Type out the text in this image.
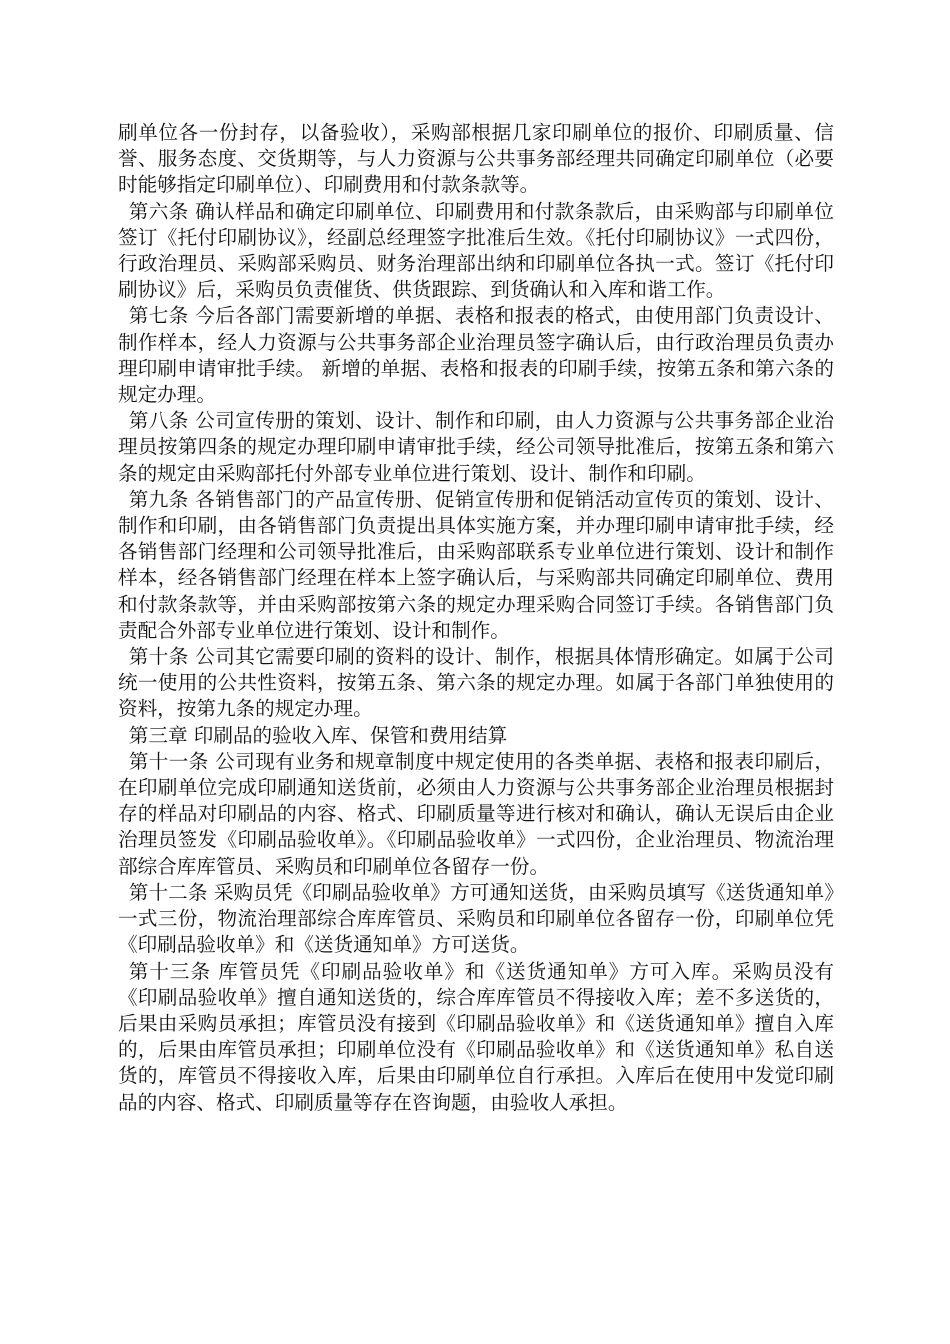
刷单位各一份封存，以备验收），采购部根据几家印刷单位的报价、印刷质量、信誉、服务态度、交货期等，与人力资源与公共事务部经理共同确定印刷单位（必要时能够指定印刷单位）、印刷费用和付款条款等。

第六条 确认样品和确定印刷单位、印刷费用和付款条款后，由采购部与印刷单位签订《托付印刷协议》，经副总经理签字批准后生效。《托付印刷协议》一式四份，行政治理员、采购部采购员、财务治理部出纳和印刷单位各执一式。签订《托付印刷协议》后，采购员负责催货、供货跟踪、到货确认和入库和谐工作。

第七条 今后各部门需要新增的单据、表格和报表的格式，由使用部门负责设计、制作样本，经人力资源与公共事务部企业治理员签字确认后，由行政治理员负责办理印刷申请审批手续。 新增的单据、表格和报表的印刷手续，按第五条和第六条的规定办理。

第八条 公司宣传册的策划、设计、制作和印刷，由人力资源与公共事务部企业治理员按第四条的规定办理印刷申请审批手续，经公司领导批准后，按第五条和第六条的规定由采购部托付外部专业单位进行策划、设计、制作和印刷。

第九条 各销售部门的产品宣传册、促销宣传册和促销活动宣传页的策划、设计、制作和印刷，由各销售部门负责提出具体实施方案，并办理印刷申请审批手续，经各销售部门经理和公司领导批准后，由采购部联系专业单位进行策划、设计和制作样本，经各销售部门经理在样本上签字确认后，与采购部共同确定印刷单位、费用和付款条款等，并由采购部按第六条的规定办理采购合同签订手续。各销售部门负责配合外部专业单位进行策划、设计和制作。

第十条 公司其它需要印刷的资料的设计、制作，根据具体情形确定。如属于公司统一使用的公共性资料，按第五条、第六条的规定办理。如属于各部门单独使用的资料，按第九条的规定办理。

第三章 印刷品的验收入库、保管和费用结算

第十一条 公司现有业务和规章制度中规定使用的各类单据、表格和报表印刷后，在印刷单位完成印刷通知送货前，必须由人力资源与公共事务部企业治理员根据封存的样品对印刷品的内容、格式、印刷质量等进行核对和确认，确认无误后由企业治理员签发《印刷品验收单》。《印刷品验收单》一式四份，企业治理员、物流治理部综合库库管员、采购员和印刷单位各留存一份。

第十二条 采购员凭《印刷品验收单》方可通知送货，由采购员填写《送货通知单》一式三份，物流治理部综合库库管员、采购员和印刷单位各留存一份，印刷单位凭《印刷品验收单》和《送货通知单》方可送货。

第十三条 库管员凭《印刷品验收单》和《送货通知单》方可入库。采购员没有《印刷品验收单》擅自通知送货的，综合库库管员不得接收入库；差不多送货的，后果由采购员承担；库管员没有接到《印刷品验收单》和《送货通知单》擅自入库的，后果由库管员承担；印刷单位没有《印刷品验收单》和《送货通知单》私自送货的，库管员不得接收入库，后果由印刷单位自行承担。入库后在使用中发觉印刷品的内容、格式、印刷质量等存在咨询题，由验收人承担。
